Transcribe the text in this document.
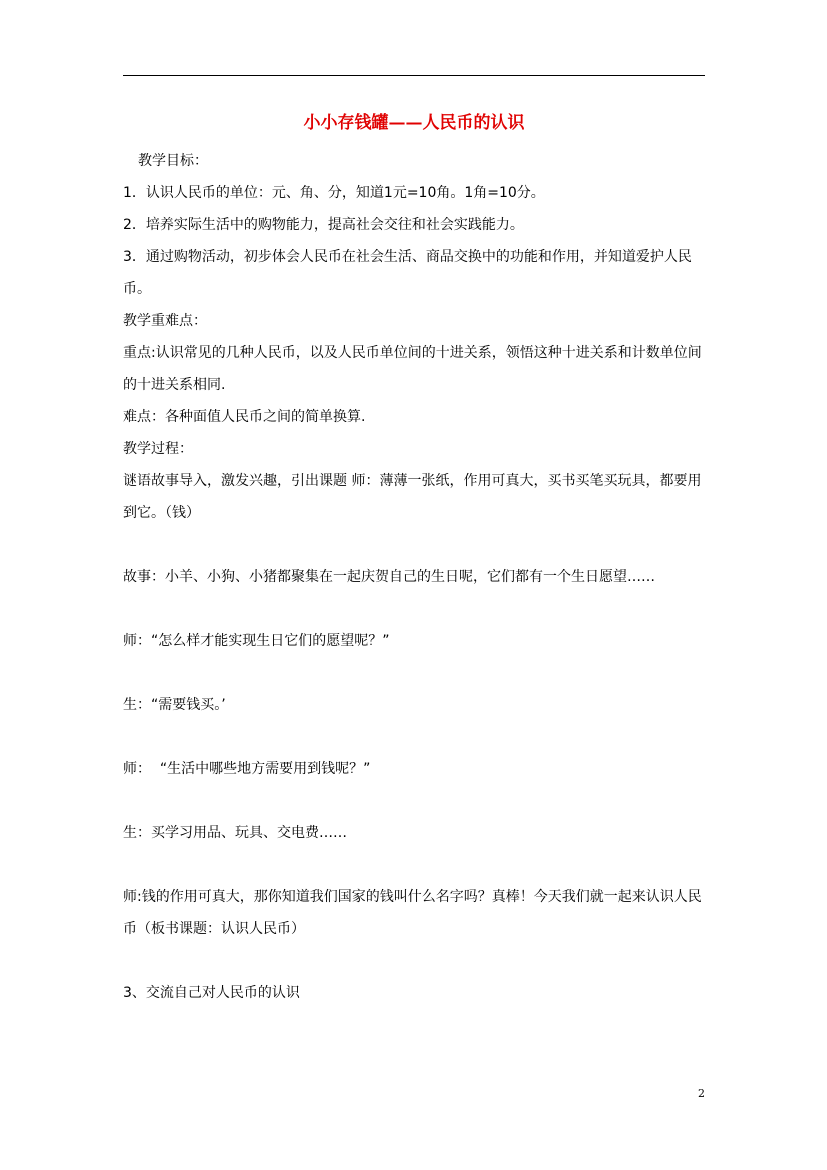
小小存钱罐——人民币的认识

教学目标：

1．认识人民币的单位：元、角、分，知道1元=10角。1角=10分。

2．培养实际生活中的购物能力，提高社会交往和社会实践能力。

3．通过购物活动，初步体会人民币在社会生活、商品交换中的功能和作用，并知道爱护人民币。

教学重难点：

重点:认识常见的几种人民币，以及人民币单位间的十进关系，领悟这种十进关系和计数单位间的十进关系相同.

难点：各种面值人民币之间的简单换算.

教学过程：

谜语故事导入，激发兴趣，引出课题 师：薄薄一张纸，作用可真大，买书买笔买玩具，都要用到它。（钱）

故事：小羊、小狗、小猪都聚集在一起庆贺自己的生日呢，它们都有一个生日愿望……

师：“怎么样才能实现生日它们的愿望呢？”

生：“需要钱买。’

师：  “生活中哪些地方需要用到钱呢？”

生：买学习用品、玩具、交电费……

师:钱的作用可真大，那你知道我们国家的钱叫什么名字吗？真棒！今天我们就一起来认识人民币（板书课题：认识人民币）

3、交流自己对人民币的认识

2
